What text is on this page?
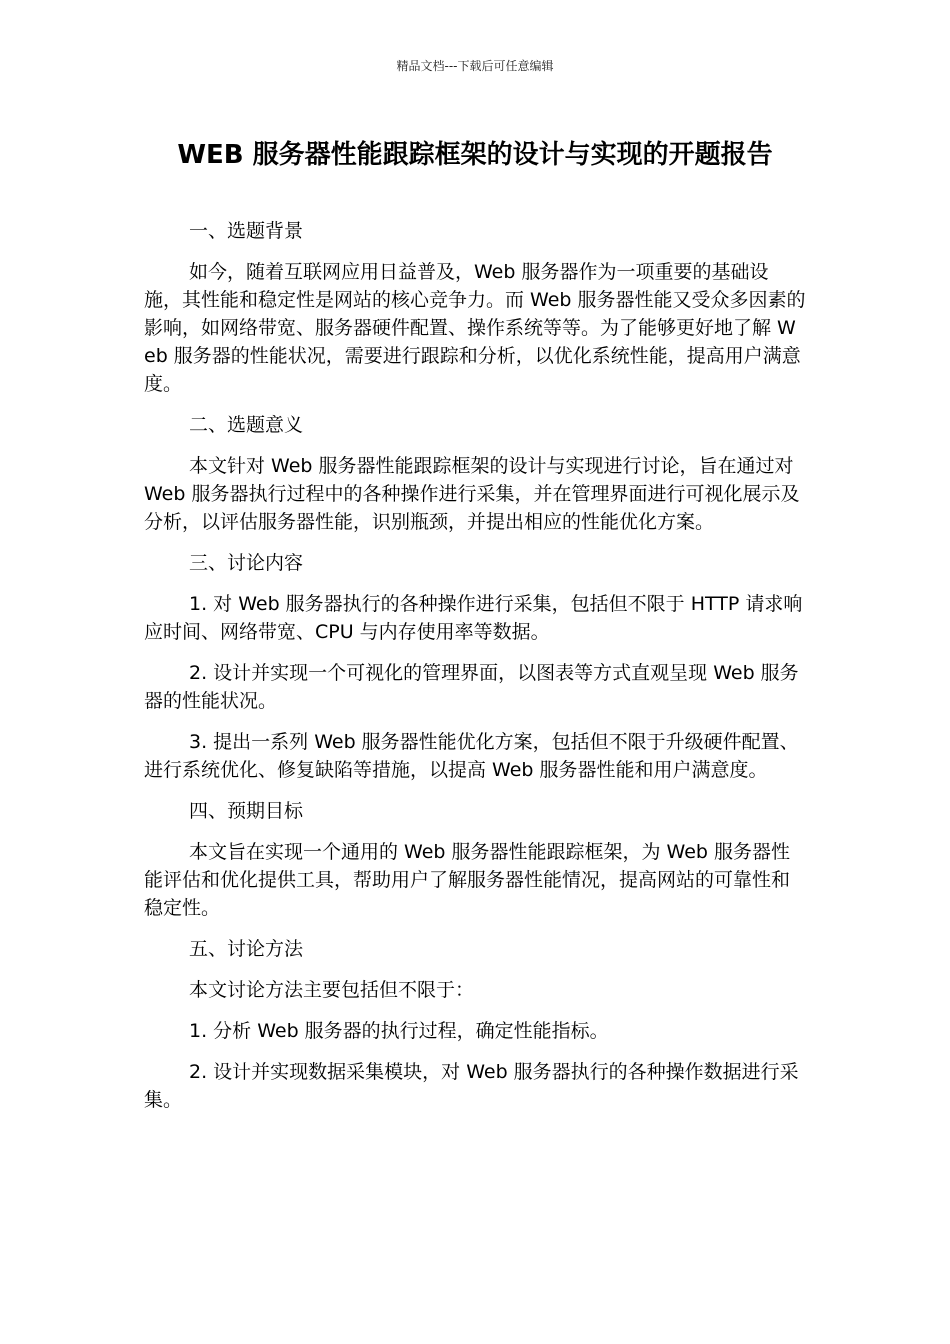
精品文档---下载后可任意编辑
WEB 服务器性能跟踪框架的设计与实现的开题报告

一、选题背景

如今，随着互联网应用日益普及，Web 服务器作为一项重要的基础设施，其性能和稳定性是网站的核心竞争力。而 Web 服务器性能又受众多因素的影响，如网络带宽、服务器硬件配置、操作系统等等。为了能够更好地了解 Web 服务器的性能状况，需要进行跟踪和分析，以优化系统性能，提高用户满意度。

二、选题意义

本文针对 Web 服务器性能跟踪框架的设计与实现进行讨论，旨在通过对 Web 服务器执行过程中的各种操作进行采集，并在管理界面进行可视化展示及分析，以评估服务器性能，识别瓶颈，并提出相应的性能优化方案。

三、讨论内容

1. 对 Web 服务器执行的各种操作进行采集，包括但不限于 HTTP 请求响应时间、网络带宽、CPU 与内存使用率等数据。

2. 设计并实现一个可视化的管理界面，以图表等方式直观呈现 Web 服务器的性能状况。

3. 提出一系列 Web 服务器性能优化方案，包括但不限于升级硬件配置、进行系统优化、修复缺陷等措施，以提高 Web 服务器性能和用户满意度。

四、预期目标

本文旨在实现一个通用的 Web 服务器性能跟踪框架，为 Web 服务器性能评估和优化提供工具，帮助用户了解服务器性能情况，提高网站的可靠性和稳定性。

五、讨论方法

本文讨论方法主要包括但不限于：

1. 分析 Web 服务器的执行过程，确定性能指标。

2. 设计并实现数据采集模块，对 Web 服务器执行的各种操作数据进行采集。
